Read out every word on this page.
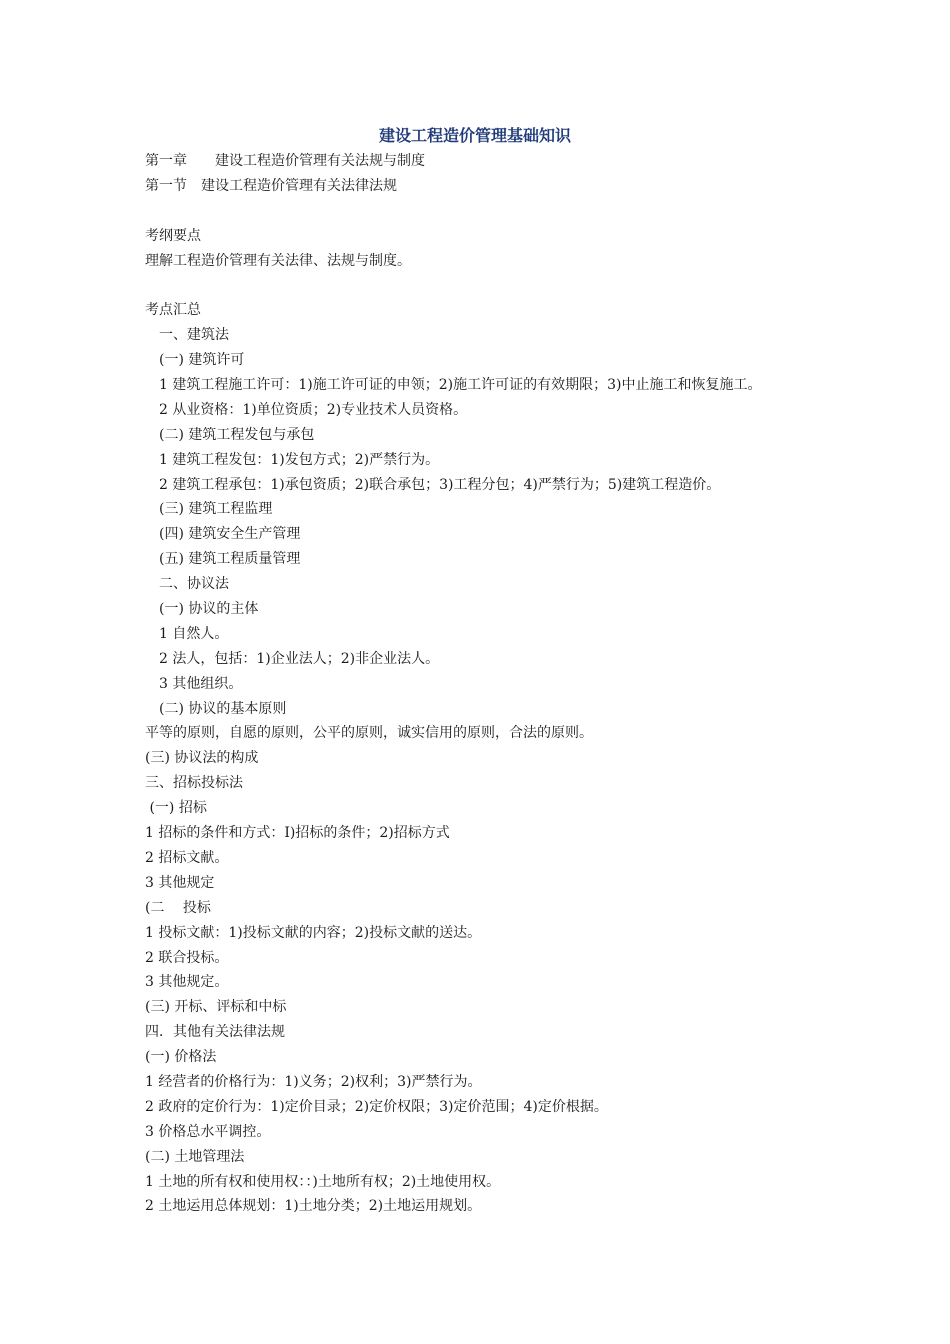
建设工程造价管理基础知识
第一章　　建设工程造价管理有关法规与制度
第一节　建设工程造价管理有关法律法规
考纲要点
理解工程造价管理有关法律、法规与制度。
考点汇总
一、建筑法
(一) 建筑许可
1 建筑工程施工许可：1)施工许可证的申领；2)施工许可证的有效期限；3)中止施工和恢复施工。
2 从业资格：1)单位资质；2)专业技术人员资格。
(二) 建筑工程发包与承包
1 建筑工程发包：1)发包方式；2)严禁行为。
2 建筑工程承包：1)承包资质；2)联合承包；3)工程分包；4)严禁行为；5)建筑工程造价。
(三) 建筑工程监理
(四) 建筑安全生产管理
(五) 建筑工程质量管理
二、协议法
(一) 协议的主体
1 自然人。
2 法人，包括：1)企业法人；2)非企业法人。
3 其他组织。
(二) 协议的基本原则
平等的原则，自愿的原则，公平的原则，诚实信用的原则，合法的原则。
(三) 协议法的构成
三、招标投标法
(一) 招标
1 招标的条件和方式：I)招标的条件；2)招标方式
2 招标文献。
3 其他规定
(二　 投标
1 投标文献：1)投标文献的内容；2)投标文献的送达。
2 联合投标。
3 其他规定。
(三) 开标、评标和中标
四．其他有关法律法规
(一) 价格法
1 经营者的价格行为：1)义务；2)权利；3)严禁行为。
2 政府的定价行为：1)定价目录；2)定价权限；3)定价范围；4)定价根据。
3 价格总水平调控。
(二) 土地管理法
1 土地的所有权和使用权：：)土地所有权；2)土地使用权。
2 土地运用总体规划：1)土地分类；2)土地运用规划。
